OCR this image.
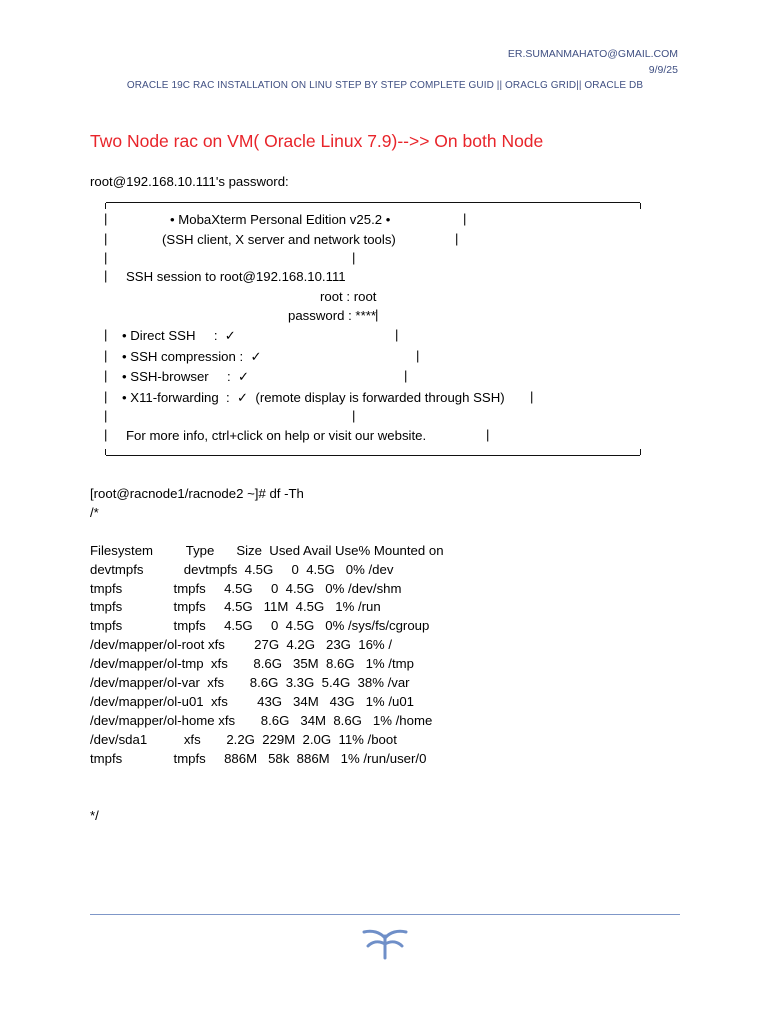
ER.SUMANMAHATO@GMAIL.COM
9/9/25
ORACLE 19C RAC INSTALLATION ON LINU STEP BY STEP COMPLETE GUID || ORACLG GRID|| ORACLE DB
Two Node rac on VM( Oracle Linux 7.9)-->> On both Node
root@192.168.10.111's password:
• MobaXterm Personal Edition v25.2 •
(SSH client, X server and network tools)
SSH session to root@192.168.10.111
root : root
password : ****
• Direct SSH     :  ✓
• SSH compression :  ✓
• SSH-browser     :  ✓
• X11-forwarding  :  ✓  (remote display is forwarded through SSH)
For more info, ctrl+click on help or visit our website.
|
|
|
|
|
|
|
|
|
|
|
|
|
|
|
|
|
|
|
|
[root@racnode1/racnode2 ~]# df -Th
/*
Filesystem         Type      Size  Used Avail Use% Mounted on
devtmpfs           devtmpfs  4.5G     0  4.5G   0% /dev
tmpfs              tmpfs     4.5G     0  4.5G   0% /dev/shm
tmpfs              tmpfs     4.5G   11M  4.5G   1% /run
tmpfs              tmpfs     4.5G     0  4.5G   0% /sys/fs/cgroup
/dev/mapper/ol-root xfs        27G  4.2G   23G  16% /
/dev/mapper/ol-tmp  xfs       8.6G   35M  8.6G   1% /tmp
/dev/mapper/ol-var  xfs       8.6G  3.3G  5.4G  38% /var
/dev/mapper/ol-u01  xfs        43G   34M   43G   1% /u01
/dev/mapper/ol-home xfs       8.6G   34M  8.6G   1% /home
/dev/sda1          xfs       2.2G  229M  2.0G  11% /boot
tmpfs              tmpfs     886M   58k  886M   1% /run/user/0
*/
